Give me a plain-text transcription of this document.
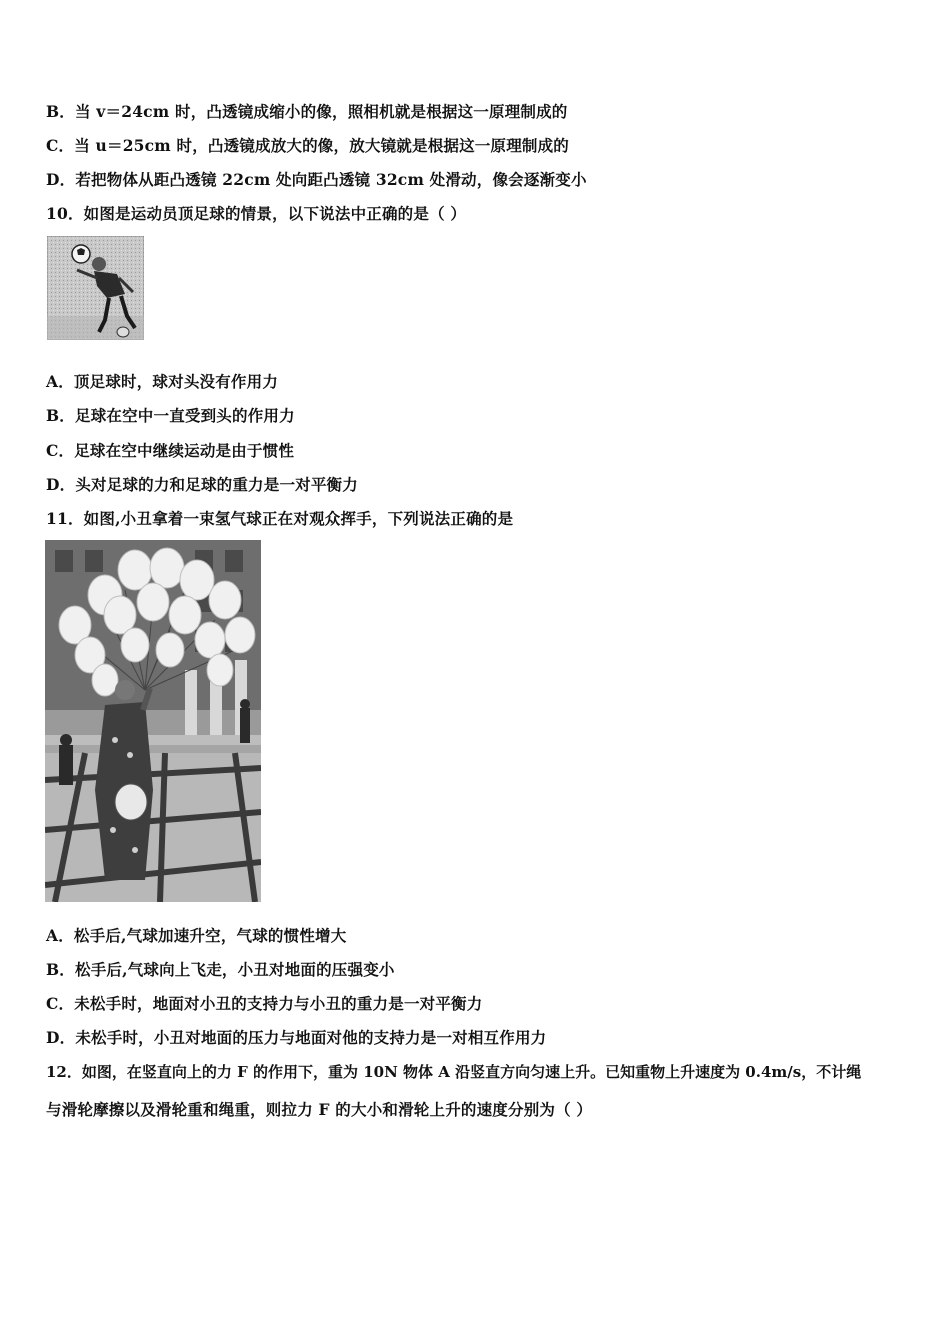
B．当 v＝24cm 时，凸透镜成缩小的像，照相机就是根据这一原理制成的
C．当 u＝25cm 时，凸透镜成放大的像，放大镜就是根据这一原理制成的
D．若把物体从距凸透镜 22cm 处向距凸透镜 32cm 处滑动，像会逐渐变小
10．如图是运动员顶足球的情景，以下说法中正确的是（ ）
A．顶足球时，球对头没有作用力
B．足球在空中一直受到头的作用力
C．足球在空中继续运动是由于惯性
D．头对足球的力和足球的重力是一对平衡力
11．如图,小丑拿着一束氢气球正在对观众挥手，下列说法正确的是
A．松手后,气球加速升空，气球的惯性增大
B．松手后,气球向上飞走，小丑对地面的压强变小
C．未松手时，地面对小丑的支持力与小丑的重力是一对平衡力
D．未松手时，小丑对地面的压力与地面对他的支持力是一对相互作用力
12．如图，在竖直向上的力 F 的作用下，重为 10N 物体 A 沿竖直方向匀速上升。已知重物上升速度为 0.4m/s，不计绳
与滑轮摩擦以及滑轮重和绳重，则拉力 F 的大小和滑轮上升的速度分别为（ ）
